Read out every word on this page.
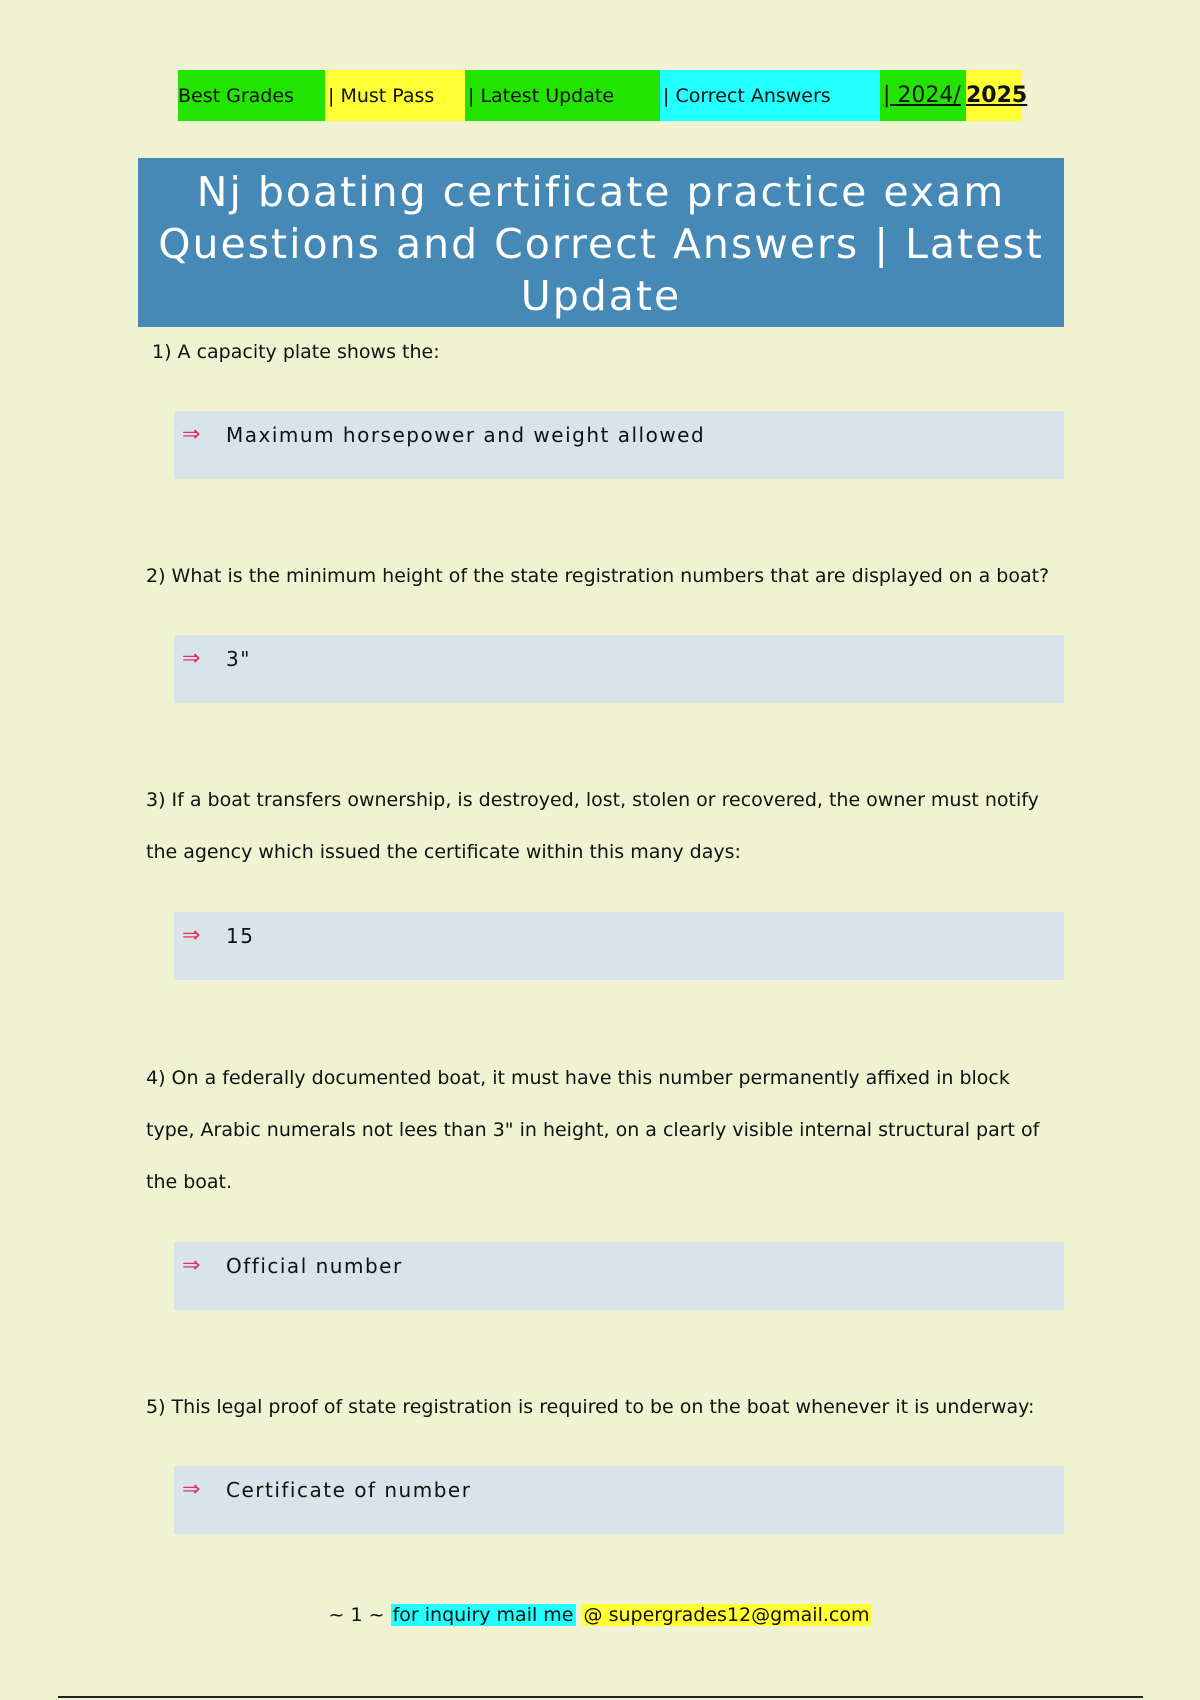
Best Grades	| Must Pass	| Latest Update	| Correct Answers	| 2024/ 2025
Nj boating certificate practice exam
Questions and Correct Answers | Latest
Update
1) A capacity plate shows the:
⇒	Maximum horsepower and weight allowed
2) What is the minimum height of the state registration numbers that are displayed on a boat?
⇒	3"
3) If a boat transfers ownership, is destroyed, lost, stolen or recovered, the owner must notify
the agency which issued the certificate within this many days:
⇒	15
4) On a federally documented boat, it must have this number permanently affixed in block
type, Arabic numerals not lees than 3" in height, on a clearly visible internal structural part of
the boat.
⇒	Official number
5) This legal proof of state registration is required to be on the boat whenever it is underway:
⇒	Certificate of number
~ 1 ~ for inquiry mail me @ supergrades12@gmail.com
